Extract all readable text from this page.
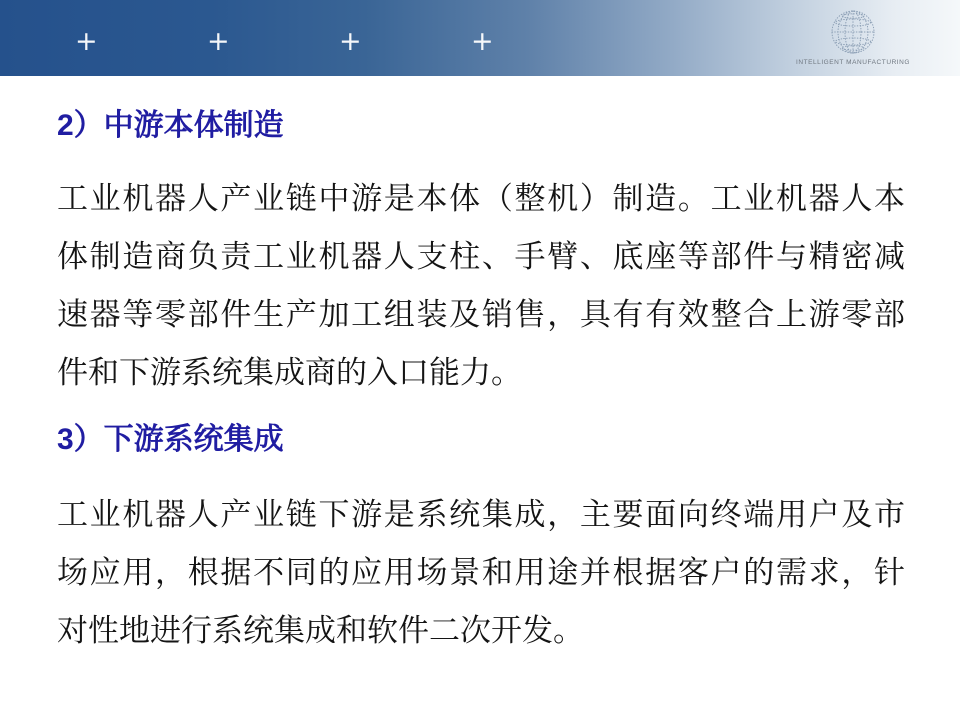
+	+	+	+
INTELLIGENT MANUFACTURING
2）中游本体制造
工业机器人产业链中游是本体（整机）制造。工业机器人本
体制造商负责工业机器人支柱、手臂、底座等部件与精密减
速器等零部件生产加工组装及销售，具有有效整合上游零部
件和下游系统集成商的入口能力。
3）下游系统集成
工业机器人产业链下游是系统集成，主要面向终端用户及市
场应用，根据不同的应用场景和用途并根据客户的需求，针
对性地进行系统集成和软件二次开发。
